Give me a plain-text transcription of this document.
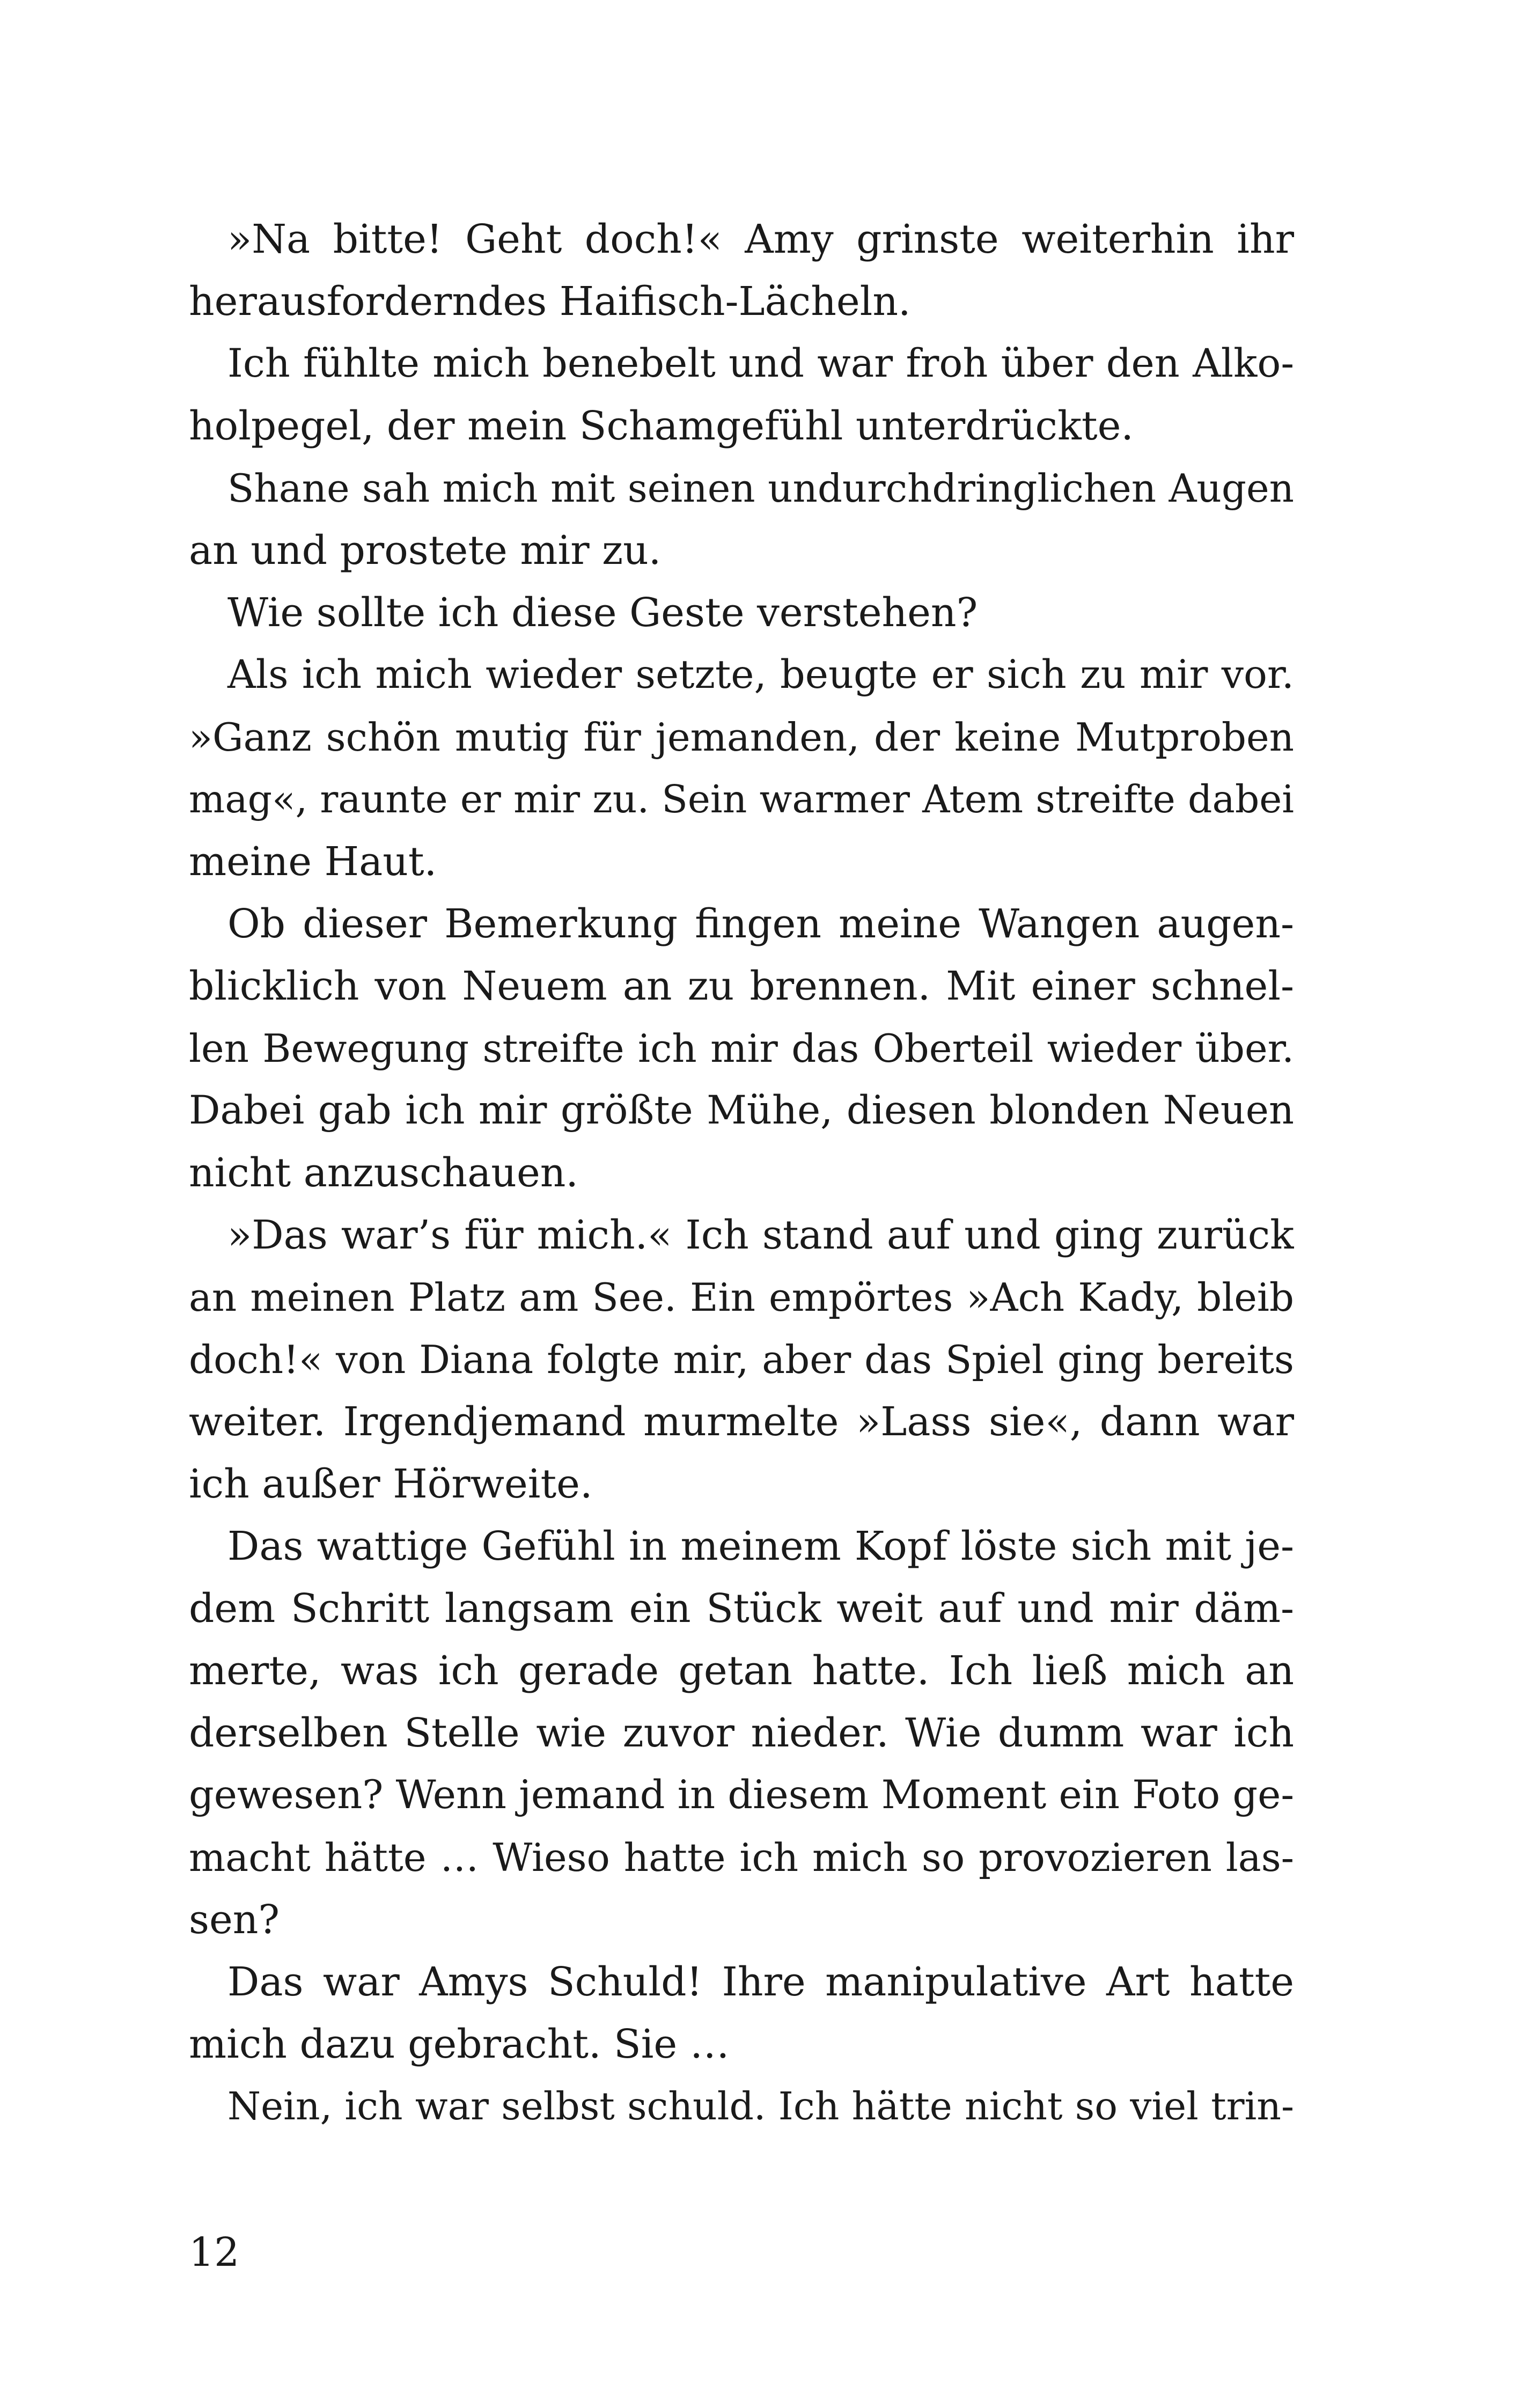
»Na bitte! Geht doch!« Amy grinste weiterhin ihr
herausforderndes Haifisch-Lächeln.
Ich fühlte mich benebelt und war froh über den Alko-
holpegel, der mein Schamgefühl unterdrückte.
Shane sah mich mit seinen undurchdringlichen Augen
an und prostete mir zu.
Wie sollte ich diese Geste verstehen?
Als ich mich wieder setzte, beugte er sich zu mir vor.
»Ganz schön mutig für jemanden, der keine Mutproben
mag«, raunte er mir zu. Sein warmer Atem streifte dabei
meine Haut.
Ob dieser Bemerkung fingen meine Wangen augen-
blicklich von Neuem an zu brennen. Mit einer schnel-
len Bewegung streifte ich mir das Oberteil wieder über.
Dabei gab ich mir größte Mühe, diesen blonden Neuen
nicht anzuschauen.
»Das war’s für mich.« Ich stand auf und ging zurück
an meinen Platz am See. Ein empörtes »Ach Kady, bleib
doch!« von Diana folgte mir, aber das Spiel ging bereits
weiter. Irgendjemand murmelte »Lass sie«, dann war
ich außer Hörweite.
Das wattige Gefühl in meinem Kopf löste sich mit je-
dem Schritt langsam ein Stück weit auf und mir däm-
merte, was ich gerade getan hatte. Ich ließ mich an
derselben Stelle wie zuvor nieder. Wie dumm war ich
gewesen? Wenn jemand in diesem Moment ein Foto ge-
macht hätte … Wieso hatte ich mich so provozieren las-
sen?
Das war Amys Schuld! Ihre manipulative Art hatte
mich dazu gebracht. Sie …
Nein, ich war selbst schuld. Ich hätte nicht so viel trin-
12
